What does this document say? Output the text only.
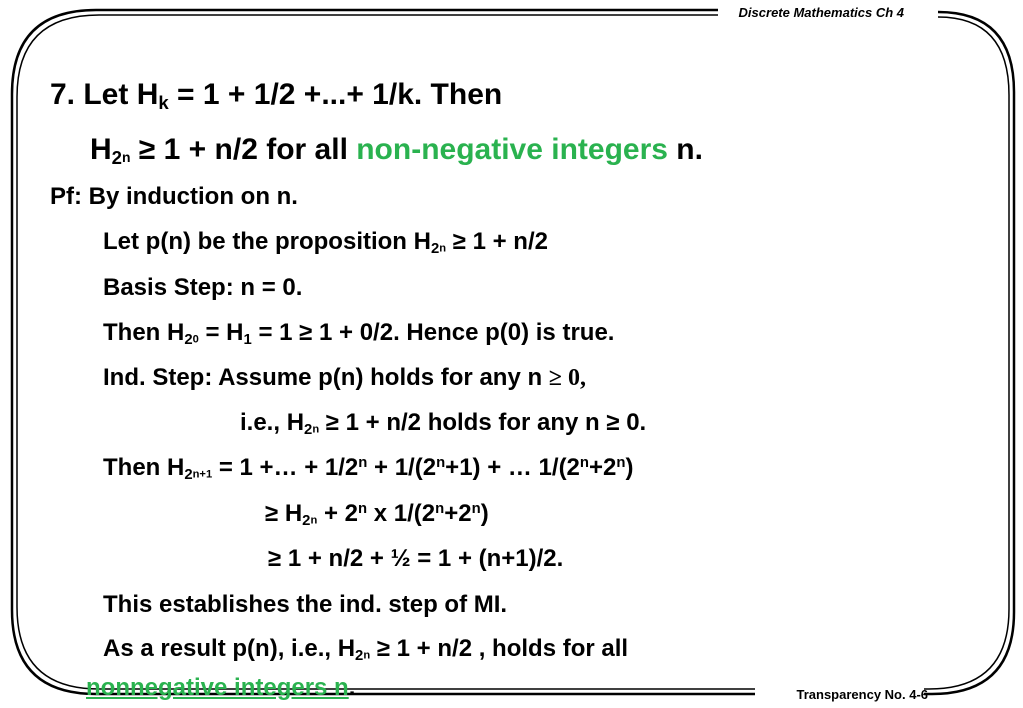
Discrete Mathematics Ch 4
Transparency No. 4-6
7. Let $H_k = 1 + 1/2$ +...+ 1/k. Then
$H_{2n} \ge 1 + n/2$ for all non-negative integers n.
Pf: By induction on n.
Let p(n) be the proposition $H_{2n} \ge 1 + n/2$
Basis Step: n = 0.
Then $H_{20} = H_1 = 1 \ge 1 + 0/2$. Hence p(0) is true.
Ind. Step: Assume p(n) holds for any n ≥ 0,
i.e., $H_{2n} \ge 1 + n/2$ holds for any n ≥ 0.
Then $H_{2n+1} = 1$ +… + $1/2^n + 1/(2^n+1)$ + … $1/(2^n+2^n)$
≥ $H_{2n} + 2^n$ x $1/(2^n+2^n)$
≥ 1 + n/2 + ½ = 1 + (n+1)/2.
This establishes the ind. step of MI.
As a result p(n), i.e., $H_{2n} \ge 1 + n/2$ , holds for all
nonnegative integers n.
